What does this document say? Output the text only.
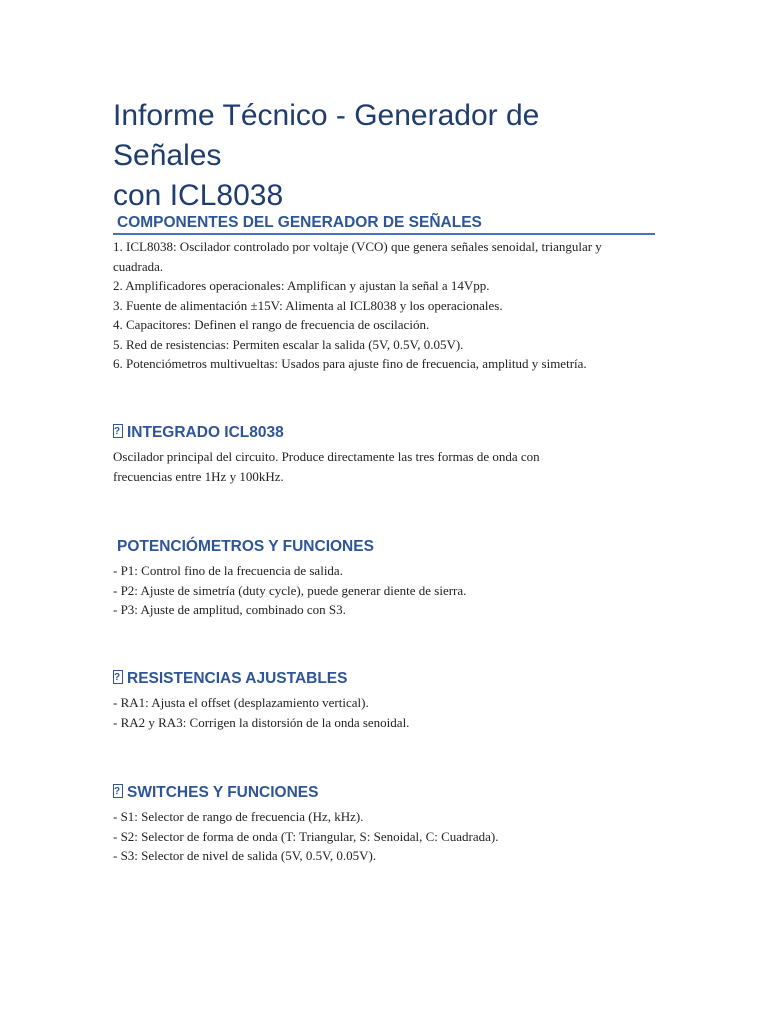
Informe Técnico - Generador de Señales
con ICL8038
COMPONENTES DEL GENERADOR DE SEÑALES

1. ICL8038: Oscilador controlado por voltaje (VCO) que genera señales senoidal, triangular y

cuadrada.

2. Amplificadores operacionales: Amplifican y ajustan la señal a 14Vpp.

3. Fuente de alimentación ±15V: Alimenta al ICL8038 y los operacionales.

4. Capacitores: Definen el rango de frecuencia de oscilación.

5. Red de resistencias: Permiten escalar la salida (5V, 0.5V, 0.05V).

6. Potenciómetros multivueltas: Usados para ajuste fino de frecuencia, amplitud y simetría.

?INTEGRADO ICL8038

Oscilador principal del circuito. Produce directamente las tres formas de onda con

frecuencias entre 1Hz y 100kHz.

POTENCIÓMETROS Y FUNCIONES

- P1: Control fino de la frecuencia de salida.

- P2: Ajuste de simetría (duty cycle), puede generar diente de sierra.

- P3: Ajuste de amplitud, combinado con S3.

?RESISTENCIAS AJUSTABLES

- RA1: Ajusta el offset (desplazamiento vertical).

- RA2 y RA3: Corrigen la distorsión de la onda senoidal.

?SWITCHES Y FUNCIONES

- S1: Selector de rango de frecuencia (Hz, kHz).

- S2: Selector de forma de onda (T: Triangular, S: Senoidal, C: Cuadrada).

- S3: Selector de nivel de salida (5V, 0.5V, 0.05V).
